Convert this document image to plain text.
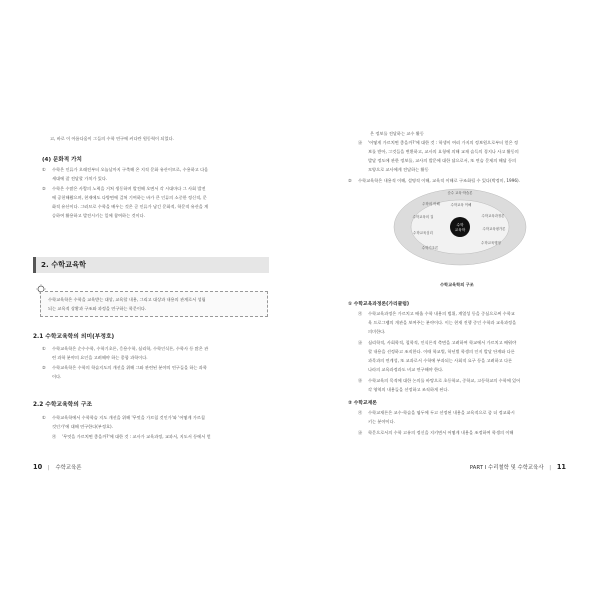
고, 바로 이 아름다움이 그들의 수학 연구에 커다란 원동력이 되었다.
(4) 문화적 가치
① 수학은 인류가 오래전부터 오늘날까지 구축해 온 지적 문화 유산이므로, 수용하고 다음
세대에 잘 전달할 가치가 있다.
② 수학은 수많은 사람의 노력을 거쳐 생동하며 발전해 오면서 각 시대마다 그 사회 발전
에 공헌해왔으며, 현재에도 다방면에 걸쳐 기여하는 바가 큰 인류의 소중한 정신적, 문
화적 유산이다. 그러므로 수학을 배우는 것은 곧 인류가 남긴 문화적, 학문적 유산을 계
승하여 활용하고 발전시키는 일에 참여하는 것이다.
2. 수학교육학
수학교육학은 수학을 교육받는 대상, 교육할 내용, 그리고 대상과 내용의 관계로서 성립
되는 교육적 상황과 구조와 과정을 연구하는 학문이다.
2.1 수학교육학의 의미(부정호)
① 수학교육학은 순수수학, 수학기초론, 응용수학, 심리학, 수학인식론, 수학사 등 많은 관
련 과학 분야의 요인을 고려해야 하는 종합 과학이다.
② 수학교육학은 수학의 학습지도의 개선을 위해 그와 관련된 분야의 연구들을 하는 과학
이다.
2.2 수학교육학의 구조
① 수학교육학에서 수학학습 지도 개선을 위해 '무엇을 가르칠 것인가'와 '어떻게 가르칠
것인가'에 대해 연구한다(부정호).
㉮ '무엇을 가르치면 좋을까?'에 대한 것 : 교사가 교육과정, 교과서, 지도서 등에서 얻
10 | 수학교육론
은 정보를 전달하는 교수 활동
㉯ '어떻게 가르치면 좋을까?'에 대한 것 : 학생이 여러 가지의 정보원으로부터 얻은 정
보를 받아, 그것들을 변환하고, 교사의 요청에 의해 교재 습득의 경지나 사고 활동의
발달 정도에 관한 정보를, 교사의 발문에 대한 답으로서, 또 연습 문제의 해답 등의
모양으로 교사에게 전달하는 활동
② 수학교육학은 내용적 이해, 설명적 이해, 교육적 이해로 구조화될 수 있다(박정미, 1996).
수학
교육학
순수 교육·학습론
수학의 이해	수학교육 이해
수학교육의 질	수학교육과정론
수학교육평가론
수학교육심리
수학기초론
수학교육행정
수학교육학의 구조
① 수학교육과정론(가리쿨럼)
㉮ 수학교육과정은 가르치고 배울 수학 내용의 범위, 계열성 등을 중심으로써 수학교
육 프로그램의 개관을 보여주는 분야이다. 이는 현재 진행 중인 수학과 교육과정을
의미한다.
㉯ 심리학적, 사회학적, 철학적, 인식론적 측면을 고려하여 학교에서 가르치고 배워야
할 내용을 선정하고 조직한다. 이때 학교별, 학년별 학생의 인지 발달 단계와 다른
과목과의 연계성, 또 교과로서 수학에 부과되는 사회적 요구 등을 고려하고 다른
나라의 교육과정과도 비교 연구해야 한다.
㉰ 수학교육의 목적에 대한 논의를 바탕으로 초등학교, 중학교, 고등학교의 수학에 있어
각 영역의 내용들을 선정하고 조직하게 된다.
② 수학교재론
㉮ 수학교재론은 교수·학습을 염두에 두고 선정된 내용을 교육적으로 좀 더 정교화시
키는 분야이다.
㉯ 학문으로서의 수학 고유의 정신을 지키면서 어떻게 내용을 조정하여 학생의 이해
PART Ⅰ 수리철학 및 수학교육사 | 11
